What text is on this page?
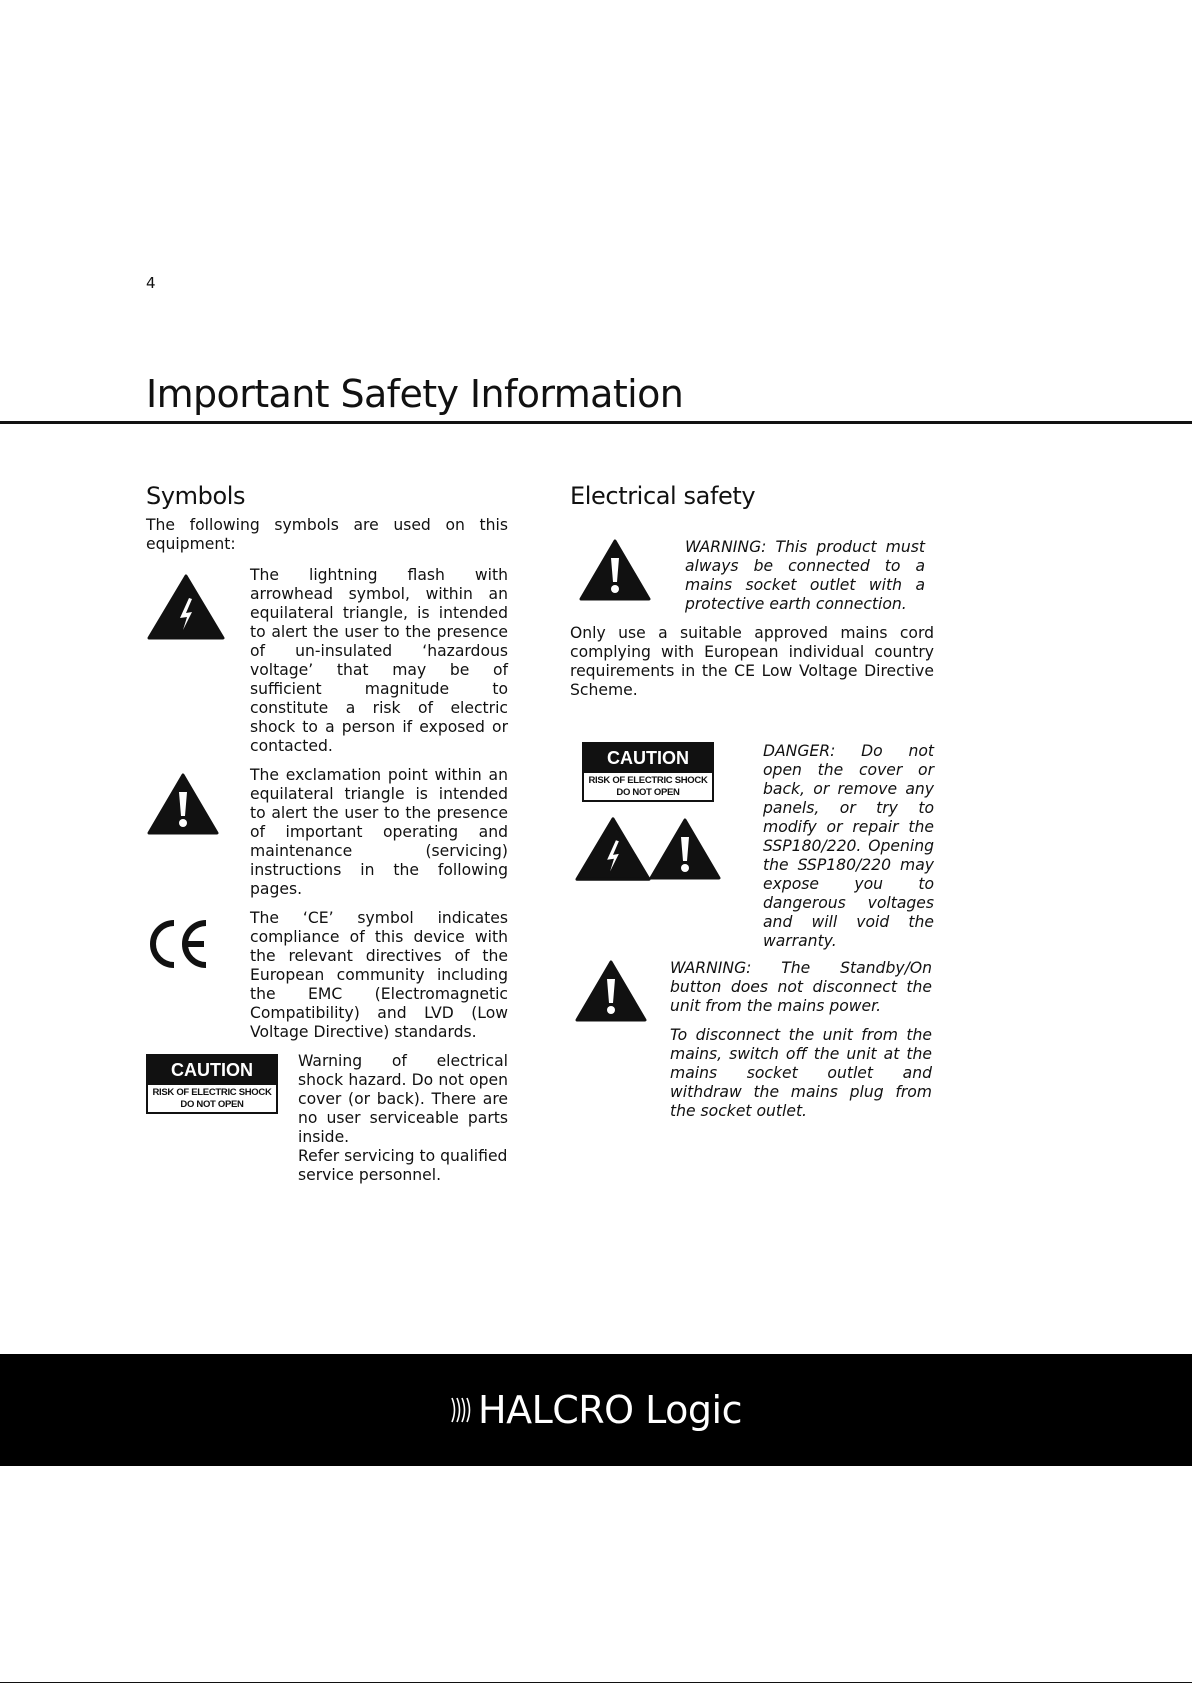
4
Important Safety Information
Symbols

The following symbols are used on this equipment:

The lightning flash with arrowhead symbol, within an equilateral triangle, is intended to alert the user to the presence of un-insulated ‘hazardous voltage’ that may be of sufficient magnitude to constitute a risk of electric shock to a person if exposed or contacted.

The exclamation point within an equilateral triangle is intended to alert the user to the presence of important operating and maintenance (servicing) instructions in the following pages.

The ‘CE’ symbol indicates compliance of this device with the relevant directives of the European community including the EMC (Electromagnetic Compatibility) and LVD (Low Voltage Directive) standards.

CAUTION
RISK OF ELECTRIC SHOCK
DO NOT OPEN

Warning of electrical shock hazard. Do not open cover (or back). There are no user serviceable parts inside.

Refer servicing to qualified service personnel.

Electrical safety

WARNING: This product must always be connected to a mains socket outlet with a protective earth connection.

Only use a suitable approved mains cord complying with European individual country requirements in the CE Low Voltage Directive Scheme.

CAUTION
RISK OF ELECTRIC SHOCK
DO NOT OPEN

DANGER: Do not open the cover or back, or remove any panels, or try to modify or repair the SSP180/220. Opening the SSP180/220 may expose you to dangerous voltages and will void the warranty.

WARNING: The Standby/On button does not disconnect the unit from the mains power.

To disconnect the unit from the mains, switch off the unit at the mains socket outlet and withdraw the mains plug from the socket outlet.

HALCRO Logic
